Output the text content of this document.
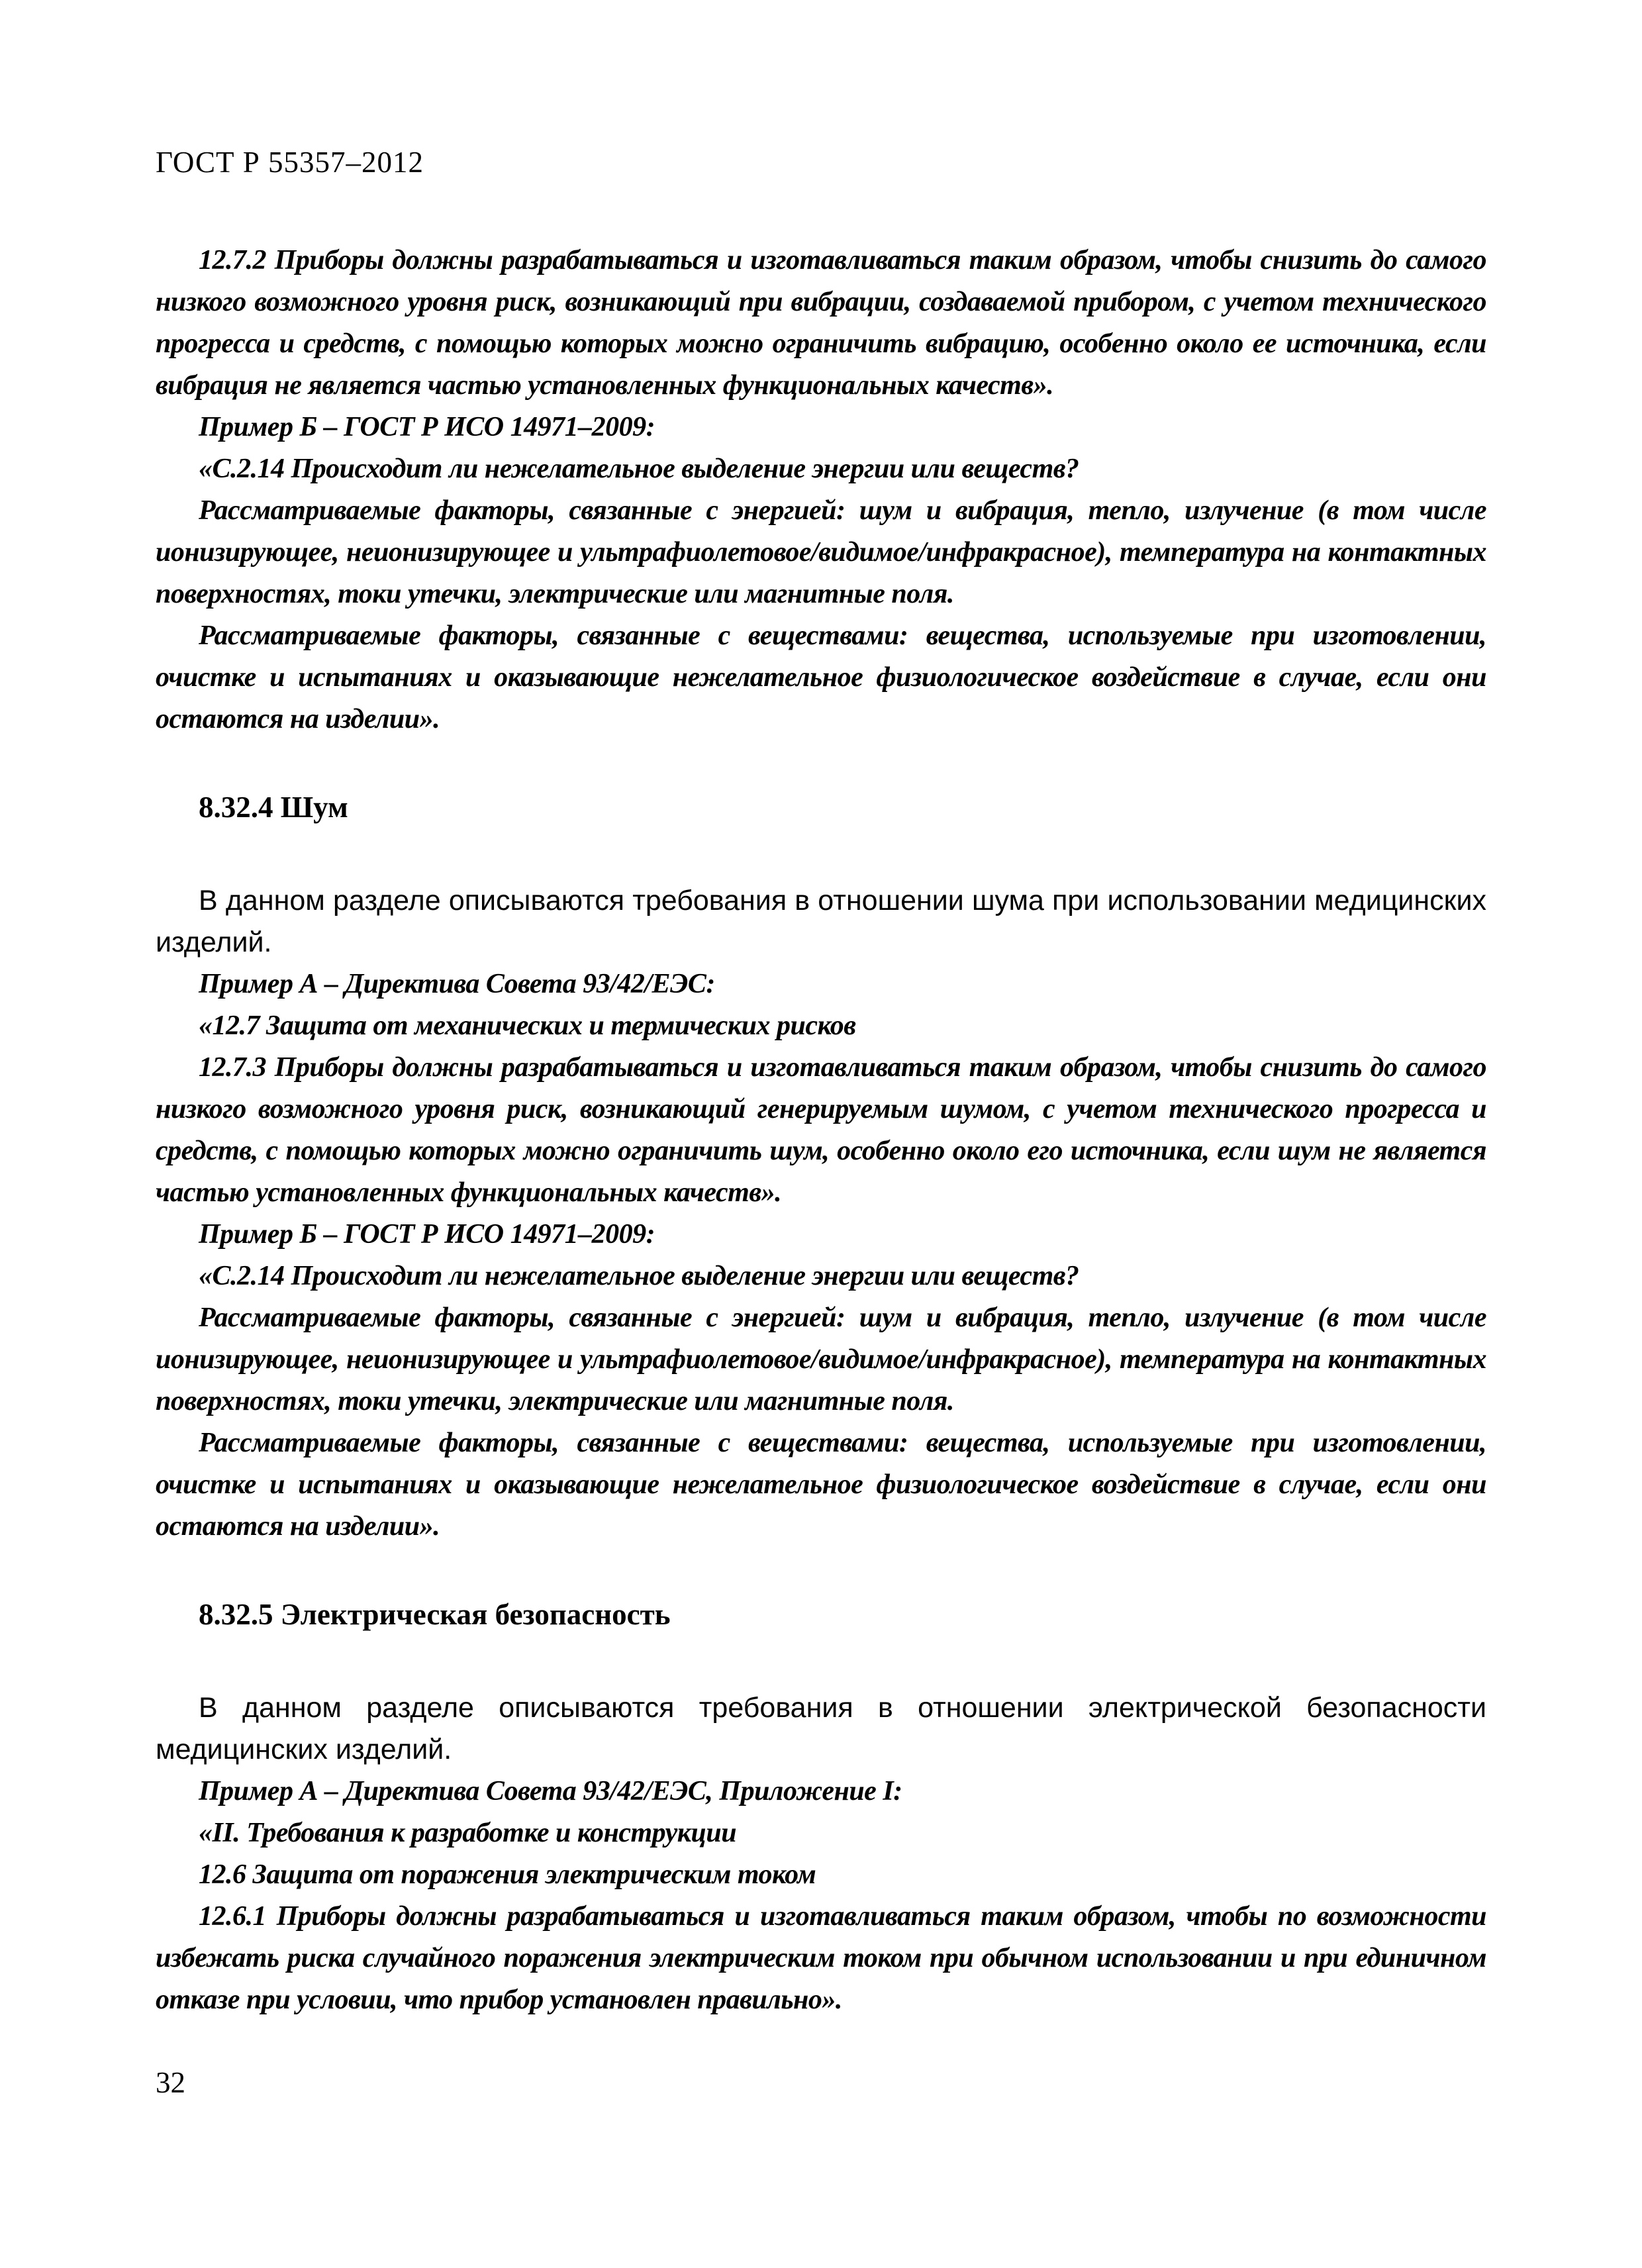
ГОСТ Р 55357–2012

12.7.2 Приборы должны разрабатываться и изготавливаться таким образом, чтобы снизить до самого низкого возможного уровня риск, возникающий при вибрации, создаваемой прибором, с учетом технического прогресса и средств, с помощью которых можно ограничить вибрацию, особенно около ее источника, если вибрация не является частью установленных функциональных качеств».

Пример Б – ГОСТ Р ИСО 14971–2009:

«С.2.14 Происходит ли нежелательное выделение энергии или веществ?

Рассматриваемые факторы, связанные с энергией: шум и вибрация, тепло, излучение (в том числе ионизирующее, неионизирующее и ультрафиолетовое/видимое/инфракрасное), температура на контактных поверхностях, токи утечки, электрические или магнитные поля.

Рассматриваемые факторы, связанные с веществами: вещества, используемые при изготовлении, очистке и испытаниях и оказывающие нежелательное физиологическое воздействие в случае, если они остаются на изделии».

8.32.4 Шум

В данном разделе описываются требования в отношении шума при использовании медицинских изделий.

Пример А – Директива Совета 93/42/ЕЭС:

«12.7 Защита от механических и термических рисков

12.7.3 Приборы должны разрабатываться и изготавливаться таким образом, чтобы снизить до самого низкого возможного уровня риск, возникающий генерируемым шумом, с учетом технического прогресса и средств, с помощью которых можно ограничить шум, особенно около его источника, если шум не является частью установленных функциональных качеств».

Пример Б – ГОСТ Р ИСО 14971–2009:

«С.2.14 Происходит ли нежелательное выделение энергии или веществ?

Рассматриваемые факторы, связанные с энергией: шум и вибрация, тепло, излучение (в том числе ионизирующее, неионизирующее и ультрафиолетовое/видимое/инфракрасное), температура на контактных поверхностях, токи утечки, электрические или магнитные поля.

Рассматриваемые факторы, связанные с веществами: вещества, используемые при изготовлении, очистке и испытаниях и оказывающие нежелательное физиологическое воздействие в случае, если они остаются на изделии».

8.32.5 Электрическая безопасность

В данном разделе описываются требования в отношении электрической безопасности медицинских изделий.

Пример А – Директива Совета 93/42/ЕЭС, Приложение I:

«II. Требования к разработке и конструкции

12.6 Защита от поражения электрическим током

12.6.1 Приборы должны разрабатываться и изготавливаться таким образом, чтобы по возможности избежать риска случайного поражения электрическим током при обычном использовании и при единичном отказе при условии, что прибор установлен правильно».

32
